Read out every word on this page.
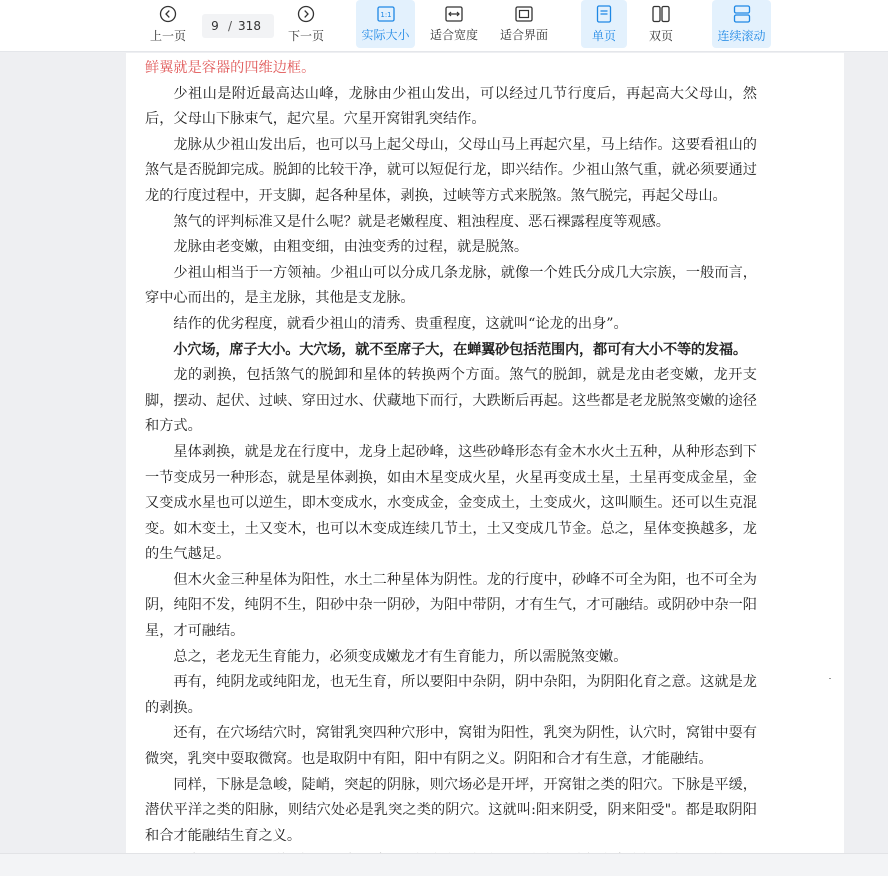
上一页
9
/ 318
下一页
1:1
实际大小 适合宽度 适合界面	单页	双页	连续滚动

鲜翼就是容器的四维边框。

少祖山是附近最高达山峰，龙脉由少祖山发出，可以经过几节行度后，再起高大父母山，然后，父母山下脉束气，起穴星。穴星开窝钳乳突结作。

龙脉从少祖山发出后，也可以马上起父母山，父母山马上再起穴星，马上结作。这要看祖山的煞气是否脱卸完成。脱卸的比较干净，就可以短促行龙，即兴结作。少祖山煞气重，就必须要通过龙的行度过程中，开支脚，起各种星体，剥换，过峡等方式来脱煞。煞气脱完，再起父母山。

煞气的评判标准又是什么呢？就是老嫩程度、粗浊程度、恶石裸露程度等观感。

龙脉由老变嫩，由粗变细，由浊变秀的过程，就是脱煞。

少祖山相当于一方领袖。少祖山可以分成几条龙脉，就像一个姓氏分成几大宗族，一般而言，穿中心而出的，是主龙脉，其他是支龙脉。

结作的优劣程度，就看少祖山的清秀、贵重程度，这就叫“论龙的出身”。

小穴场，席子大小。大穴场，就不至席子大，在蝉翼砂包括范围内，都可有大小不等的发福。

龙的剥换，包括煞气的脱卸和星体的转换两个方面。煞气的脱卸，就是龙由老变嫩，龙开支脚，摆动、起伏、过峡、穿田过水、伏藏地下而行，大跌断后再起。这些都是老龙脱煞变嫩的途径和方式。

星体剥换，就是龙在行度中，龙身上起砂峰，这些砂峰形态有金木水火土五种，从种形态到下一节变成另一种形态，就是星体剥换，如由木星变成火星，火星再变成土星，土星再变成金星，金又变成水星也可以逆生，即木变成水，水变成金，金变成土，土变成火，这叫顺生。还可以生克混变。如木变土，土又变木，也可以木变成连续几节土，土又变成几节金。总之，星体变换越多，龙的生气越足。

但木火金三种星体为阳性，水土二种星体为阴性。龙的行度中，砂峰不可全为阳，也不可全为阴，纯阳不发，纯阴不生，阳砂中杂一阴砂，为阳中带阴，才有生气，才可融结。或阴砂中杂一阳星，才可融结。

总之，老龙无生育能力，必须变成嫩龙才有生育能力，所以需脱煞变嫩。

再有，纯阴龙或纯阳龙，也无生育，所以要阳中杂阴，阴中杂阳，为阴阳化育之意。这就是龙的剥换。

还有，在穴场结穴时，窝钳乳突四种穴形中，窝钳为阳性，乳突为阴性，认穴时，窝钳中耍有微突，乳突中耍取微窝。也是取阴中有阳，阳中有阴之义。阴阳和合才有生意，才能融结。

同样，下脉是急峻，陡峭，突起的阴脉，则穴场必是开坪，开窝钳之类的阳穴。下脉是平缓，潜伏平洋之类的阳脉，则结穴处必是乳突之类的阴穴。这就叫:阳来阴受，阴来阳受"。都是取阴阳和合才能融结生育之义。
